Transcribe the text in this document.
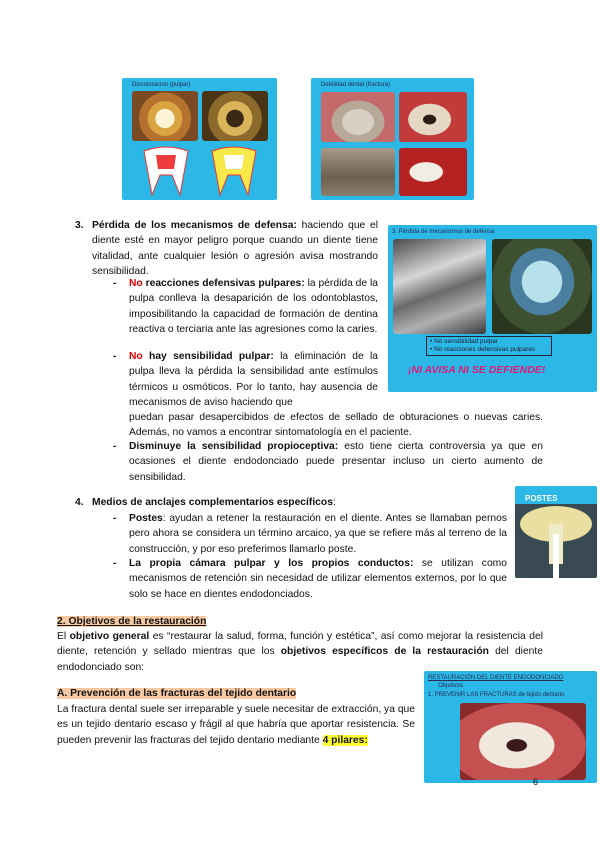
Discoloracion (pulpar)	Debilidad dental (fractura)
3. Pérdida de los mecanismos de defensa: haciendo que el diente esté en mayor peligro porque cuando un diente tiene vitalidad, ante cualquier lesión o agresión avisa mostrando sensibilidad.
- No reacciones defensivas pulpares: la pérdida de la pulpa conlleva la desaparición de los odontoblastos, imposibilitando la capacidad de formación de dentina reactiva o terciaria ante las agresiones como la caries.
- No hay sensibilidad pulpar: la eliminación de la pulpa lleva la pérdida la sensibilidad ante estímulos térmicos u osmóticos. Por lo tanto, hay ausencia de mecanismos de aviso haciendo que
puedan pasar desapercibidos de efectos de sellado de obturaciones o nuevas caries. Además, no vamos a encontrar sintomatología en el paciente.
- Disminuye la sensibilidad propioceptiva: esto tiene cierta controversia ya que en ocasiones el diente endodonciado puede presentar incluso un cierto aumento de sensibilidad.
3. Pérdida de mecanismos de defensa
• No sensibilidad pulpar
• No reacciones defensivas pulpares
¡NI AVISA NI SE DEFIENDE!
4. Medios de anclajes complementarios específicos:
- Postes: ayudan a retener la restauración en el diente. Antes se llamaban pernos pero ahora se considera un término arcaico, ya que se refiere más al terreno de la construcción, y por eso preferimos llamarlo poste.
- La propia cámara pulpar y los propios conductos: se utilizan como mecanismos de retención sin necesidad de utilizar elementos externos, por lo que solo se hace en dientes endodonciados.
POSTES
2. Objetivos de la restauración
El objetivo general es “restaurar la salud, forma, función y estética”, así como mejorar la resistencia del diente, retención y sellado mientras que los objetivos específicos de la restauración del diente endodonciado son:
A. Prevención de las fracturas del tejido dentario
La fractura dental suele ser irreparable y suele necesitar de extracción, ya que es un tejido dentario escaso y frágil al que habría que aportar resistencia. Se pueden prevenir las fracturas del tejido dentario mediante 4 pilares:
RESTAURACIÓN DEL DIENTE ENDODONCIADO
Objetivos
1. PREVENIR LAS FRACTURAS de tejido dentario
6
